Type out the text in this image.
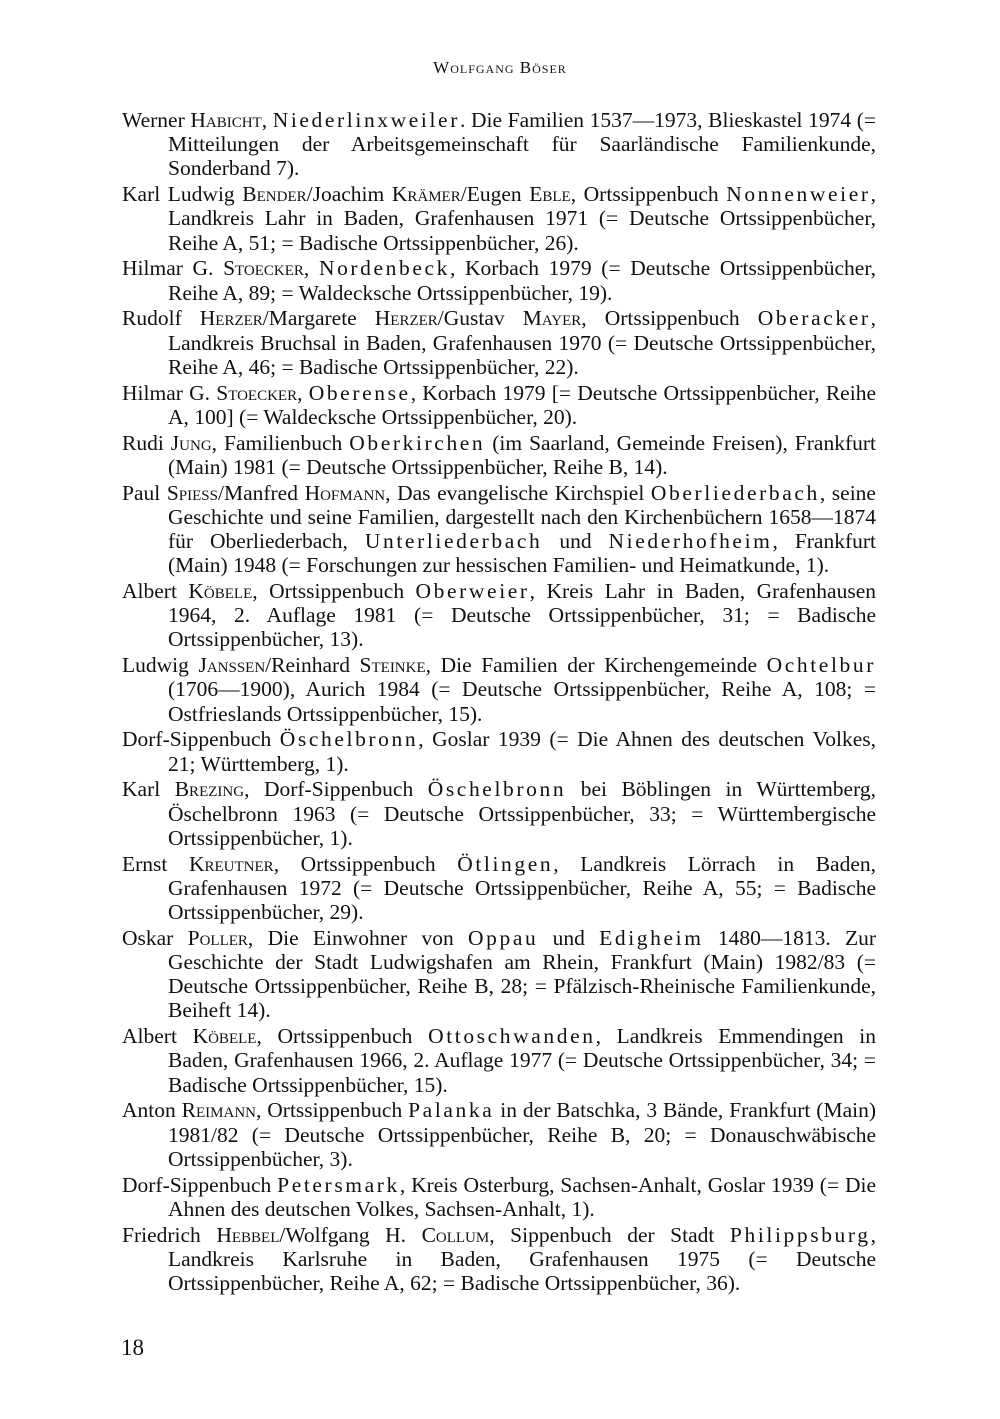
Wolfgang Böser

Werner Habicht, Niederlinxweiler. Die Familien 1537—1973, Blieskastel 1974 (= Mitteilungen der Arbeitsgemeinschaft für Saarländische Familienkunde, Sonderband 7).

Karl Ludwig Bender/Joachim Krämer/Eugen Eble, Ortssippenbuch Nonnenweier, Landkreis Lahr in Baden, Grafenhausen 1971 (= Deutsche Ortssippenbücher, Reihe A, 51; = Badische Ortssippenbücher, 26).

Hilmar G. Stoecker, Nordenbeck, Korbach 1979 (= Deutsche Ortssippenbücher, Reihe A, 89; = Waldecksche Ortssippenbücher, 19).

Rudolf Herzer/Margarete Herzer/Gustav Mayer, Ortssippenbuch Oberacker, Landkreis Bruchsal in Baden, Grafenhausen 1970 (= Deutsche Ortssippenbücher, Reihe A, 46; = Badische Ortssippenbücher, 22).

Hilmar G. Stoecker, Oberense, Korbach 1979 [= Deutsche Ortssippenbücher, Reihe A, 100] (= Waldecksche Ortssippenbücher, 20).

Rudi Jung, Familienbuch Oberkirchen (im Saarland, Gemeinde Freisen), Frankfurt (Main) 1981 (= Deutsche Ortssippenbücher, Reihe B, 14).

Paul Spiess/Manfred Hofmann, Das evangelische Kirchspiel Oberliederbach, seine Geschichte und seine Familien, dargestellt nach den Kirchenbüchern 1658—1874 für Oberliederbach, Unterliederbach und Niederhofheim, Frankfurt (Main) 1948 (= Forschungen zur hessischen Familien- und Heimatkunde, 1).

Albert Köbele, Ortssippenbuch Oberweier, Kreis Lahr in Baden, Grafenhausen 1964, 2. Auflage 1981 (= Deutsche Ortssippenbücher, 31; = Badische Ortssippenbücher, 13).

Ludwig Janssen/Reinhard Steinke, Die Familien der Kirchengemeinde Ochtelbur (1706—1900), Aurich 1984 (= Deutsche Ortssippenbücher, Reihe A, 108; = Ostfrieslands Ortssippenbücher, 15).

Dorf-Sippenbuch Öschelbronn, Goslar 1939 (= Die Ahnen des deutschen Volkes, 21; Württemberg, 1).

Karl Brezing, Dorf-Sippenbuch Öschelbronn bei Böblingen in Württemberg, Öschelbronn 1963 (= Deutsche Ortssippenbücher, 33; = Württembergische Ortssippenbücher, 1).

Ernst Kreutner, Ortssippenbuch Ötlingen, Landkreis Lörrach in Baden, Grafenhausen 1972 (= Deutsche Ortssippenbücher, Reihe A, 55; = Badische Ortssippenbücher, 29).

Oskar Poller, Die Einwohner von Oppau und Edigheim 1480—1813. Zur Geschichte der Stadt Ludwigshafen am Rhein, Frankfurt (Main) 1982/83 (= Deutsche Ortssippenbücher, Reihe B, 28; = Pfälzisch-Rheinische Familienkunde, Beiheft 14).

Albert Köbele, Ortssippenbuch Ottoschwanden, Landkreis Emmendingen in Baden, Grafenhausen 1966, 2. Auflage 1977 (= Deutsche Ortssippenbücher, 34; = Badische Ortssippenbücher, 15).

Anton Reimann, Ortssippenbuch Palanka in der Batschka, 3 Bände, Frankfurt (Main) 1981/82 (= Deutsche Ortssippenbücher, Reihe B, 20; = Donauschwäbische Ortssippenbücher, 3).

Dorf-Sippenbuch Petersmark, Kreis Osterburg, Sachsen-Anhalt, Goslar 1939 (= Die Ahnen des deutschen Volkes, Sachsen-Anhalt, 1).

Friedrich Hebbel/Wolfgang H. Collum, Sippenbuch der Stadt Philippsburg, Landkreis Karlsruhe in Baden, Grafenhausen 1975 (= Deutsche Ortssippenbücher, Reihe A, 62; = Badische Ortssippenbücher, 36).

18
